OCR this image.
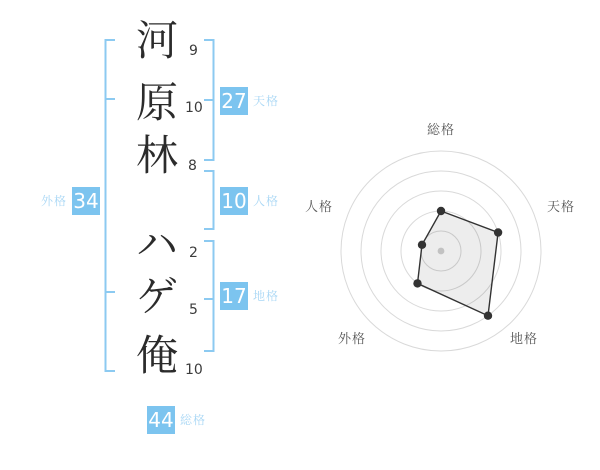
河
原
林
ハ
ゲ
俺
9
10
8
2
5
10
27 天格
10 人格
17 地格
外格 34
44 総格
総格
天格
地格
外格
人格
